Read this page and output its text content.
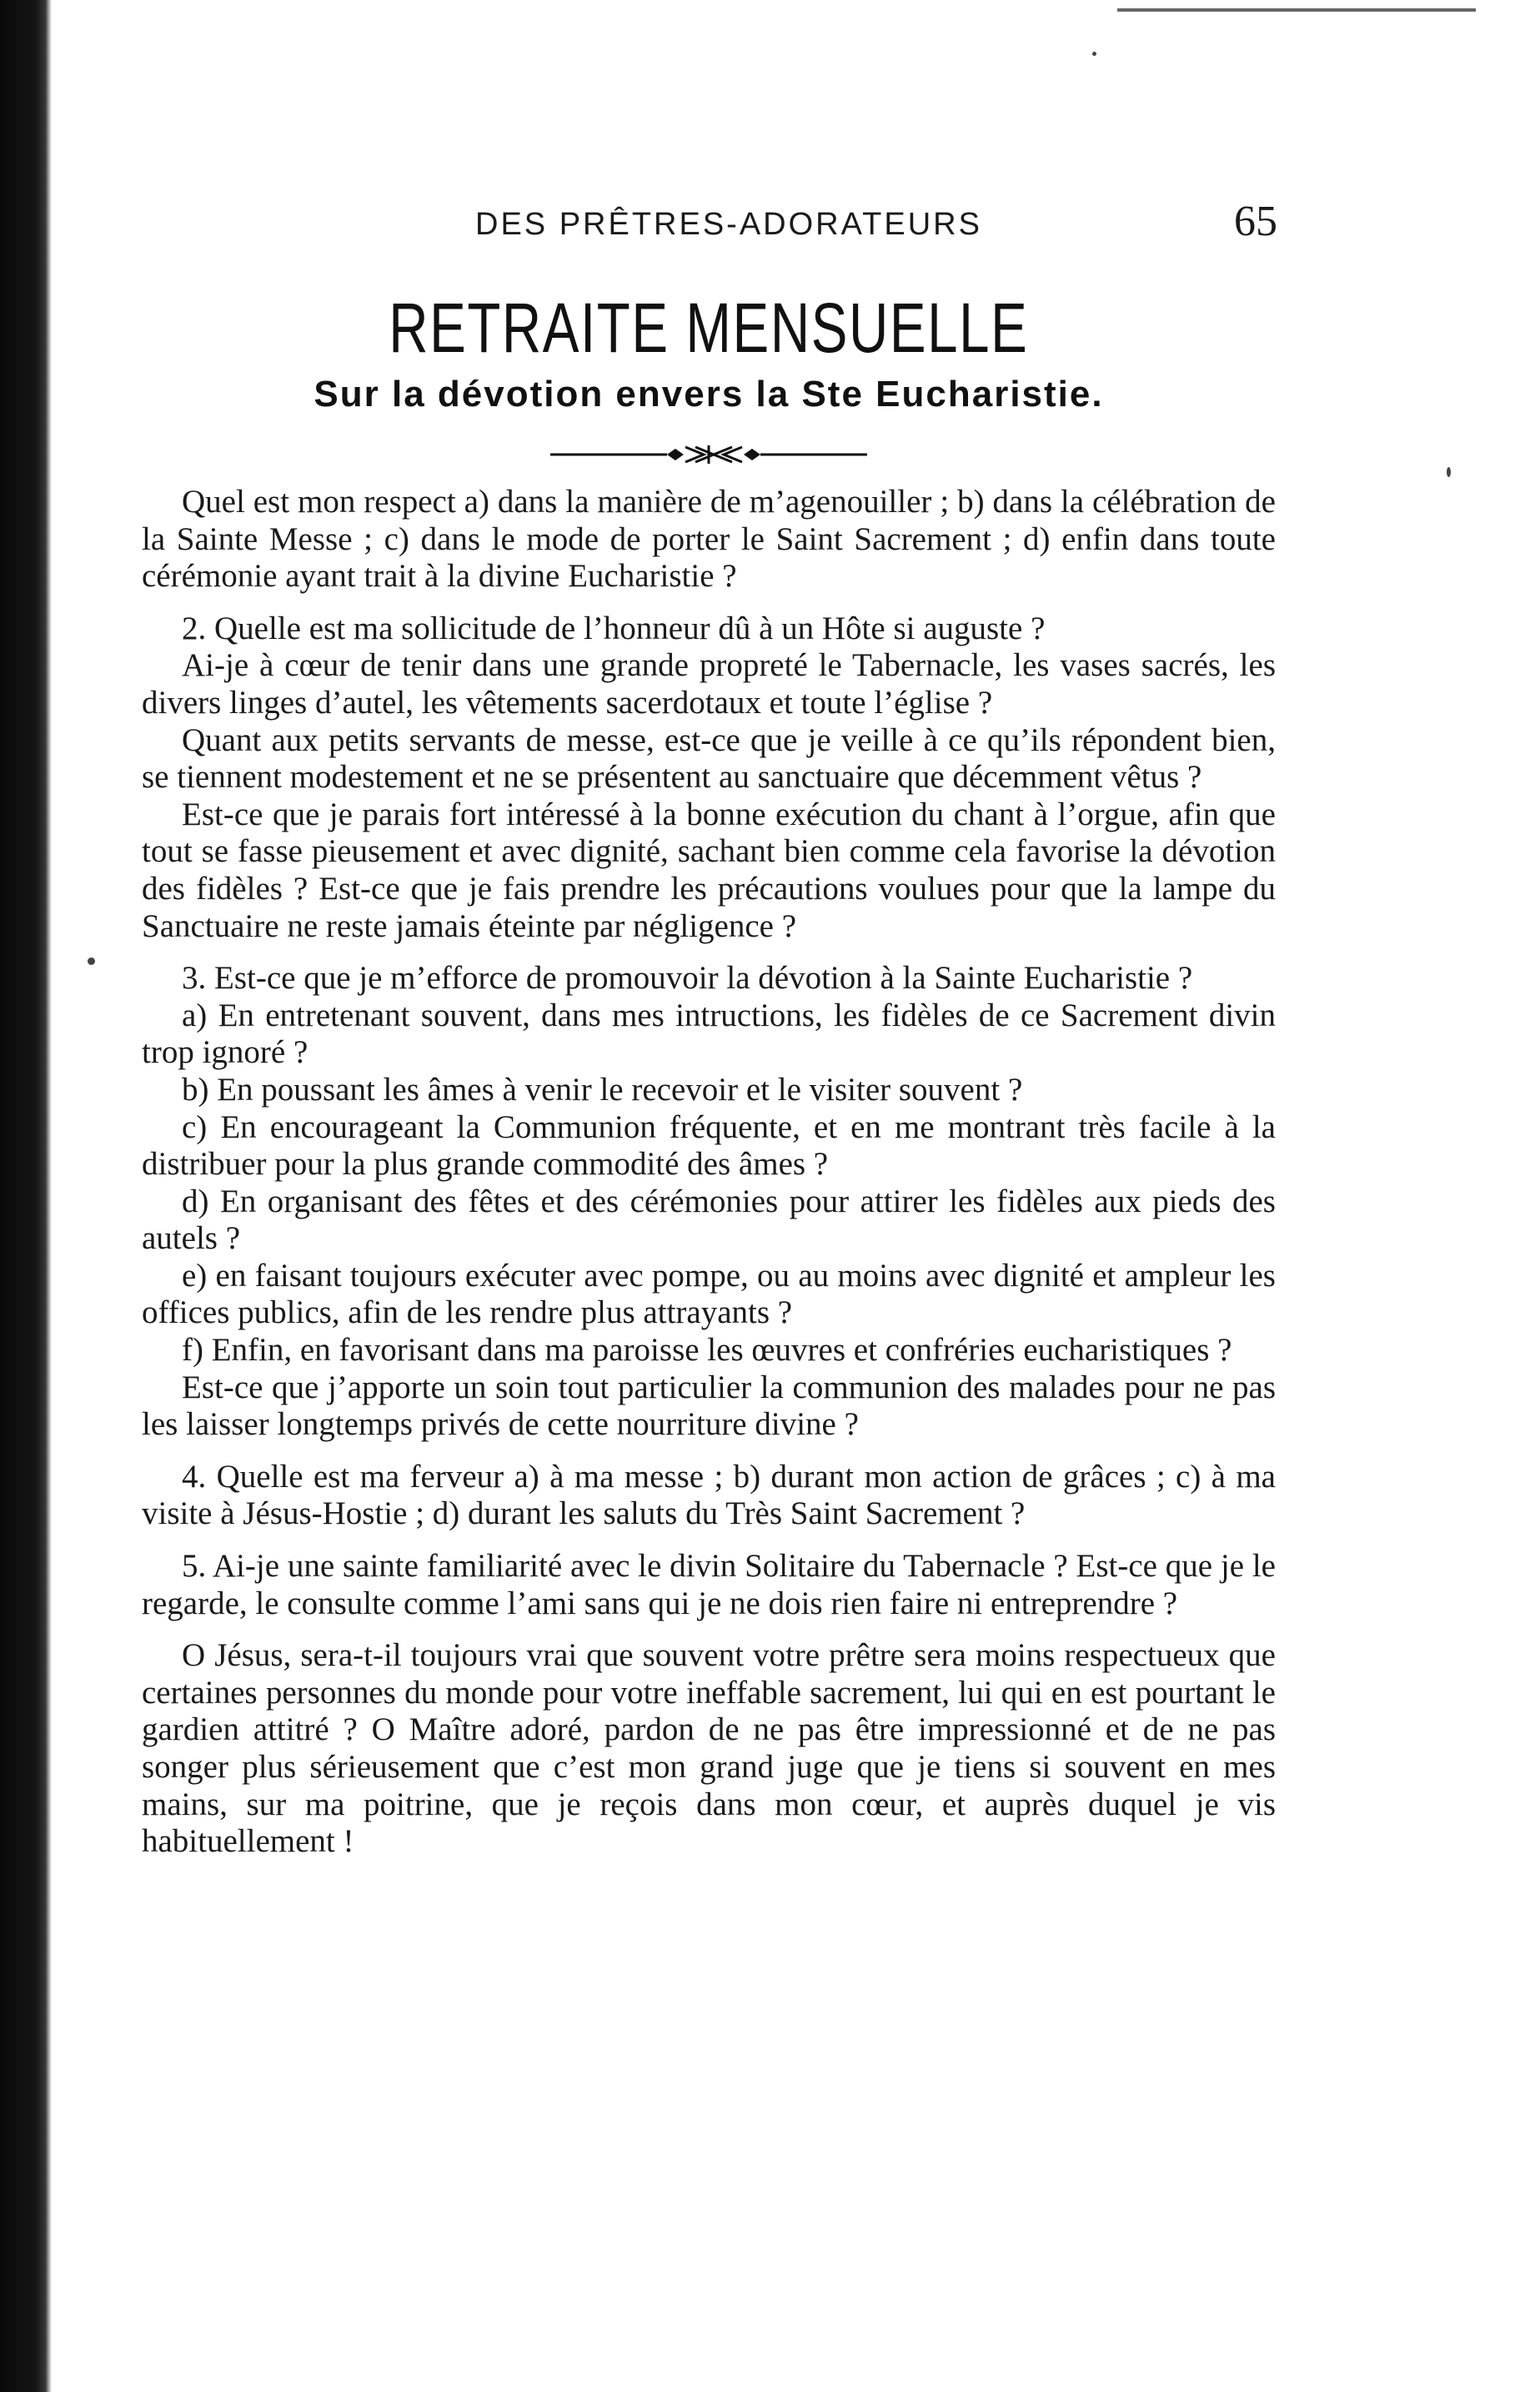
DES PRÊTRES-ADORATEURS	65
RETRAITE MENSUELLE
Sur la dévotion envers la Ste Eucharistie.

Quel est mon respect a) dans la manière de m’agenouiller ; b) dans la célébration de la Sainte Messe ; c) dans le mode de porter le Saint Sacrement ; d) enfin dans toute cérémonie ayant trait à la divine Eucharistie ?

2. Quelle est ma sollicitude de l’honneur dû à un Hôte si auguste ?

Ai-je à cœur de tenir dans une grande propreté le Tabernacle, les vases sacrés, les divers linges d’autel, les vêtements sacerdotaux et toute l’église ?

Quant aux petits servants de messe, est-ce que je veille à ce qu’ils répondent bien, se tiennent modestement et ne se présentent au sanctuaire que décemment vêtus ?

Est-ce que je parais fort intéressé à la bonne exécution du chant à l’orgue, afin que tout se fasse pieusement et avec dignité, sachant bien comme cela favorise la dévotion des fidèles ? Est-ce que je fais prendre les précautions voulues pour que la lampe du Sanctuaire ne reste jamais éteinte par négligence ?

3. Est-ce que je m’efforce de promouvoir la dévotion à la Sainte Eucharistie ?

a) En entretenant souvent, dans mes intructions, les fidèles de ce Sacrement divin trop ignoré ?

b) En poussant les âmes à venir le recevoir et le visiter souvent ?

c) En encourageant la Communion fréquente, et en me montrant très facile à la distribuer pour la plus grande commodité des âmes ?

d) En organisant des fêtes et des cérémonies pour attirer les fidèles aux pieds des autels ?

e) en faisant toujours exécuter avec pompe, ou au moins avec dignité et ampleur les offices publics, afin de les rendre plus attrayants ?

f) Enfin, en favorisant dans ma paroisse les œuvres et confréries eucharistiques ?

Est-ce que j’apporte un soin tout particulier la communion des malades pour ne pas les laisser longtemps privés de cette nourriture divine ?

4. Quelle est ma ferveur a) à ma messe ; b) durant mon action de grâces ; c) à ma visite à Jésus-Hostie ; d) durant les saluts du Très Saint Sacrement ?

5. Ai-je une sainte familiarité avec le divin Solitaire du Tabernacle ? Est-ce que je le regarde, le consulte comme l’ami sans qui je ne dois rien faire ni entreprendre ?

O Jésus, sera-t-il toujours vrai que souvent votre prêtre sera moins respectueux que certaines personnes du monde pour votre ineffable sacrement, lui qui en est pourtant le gardien attitré ? O Maître adoré, pardon de ne pas être impressionné et de ne pas songer plus sérieusement que c’est mon grand juge que je tiens si souvent en mes mains, sur ma poitrine, que je reçois dans mon cœur, et auprès duquel je vis habituellement !
